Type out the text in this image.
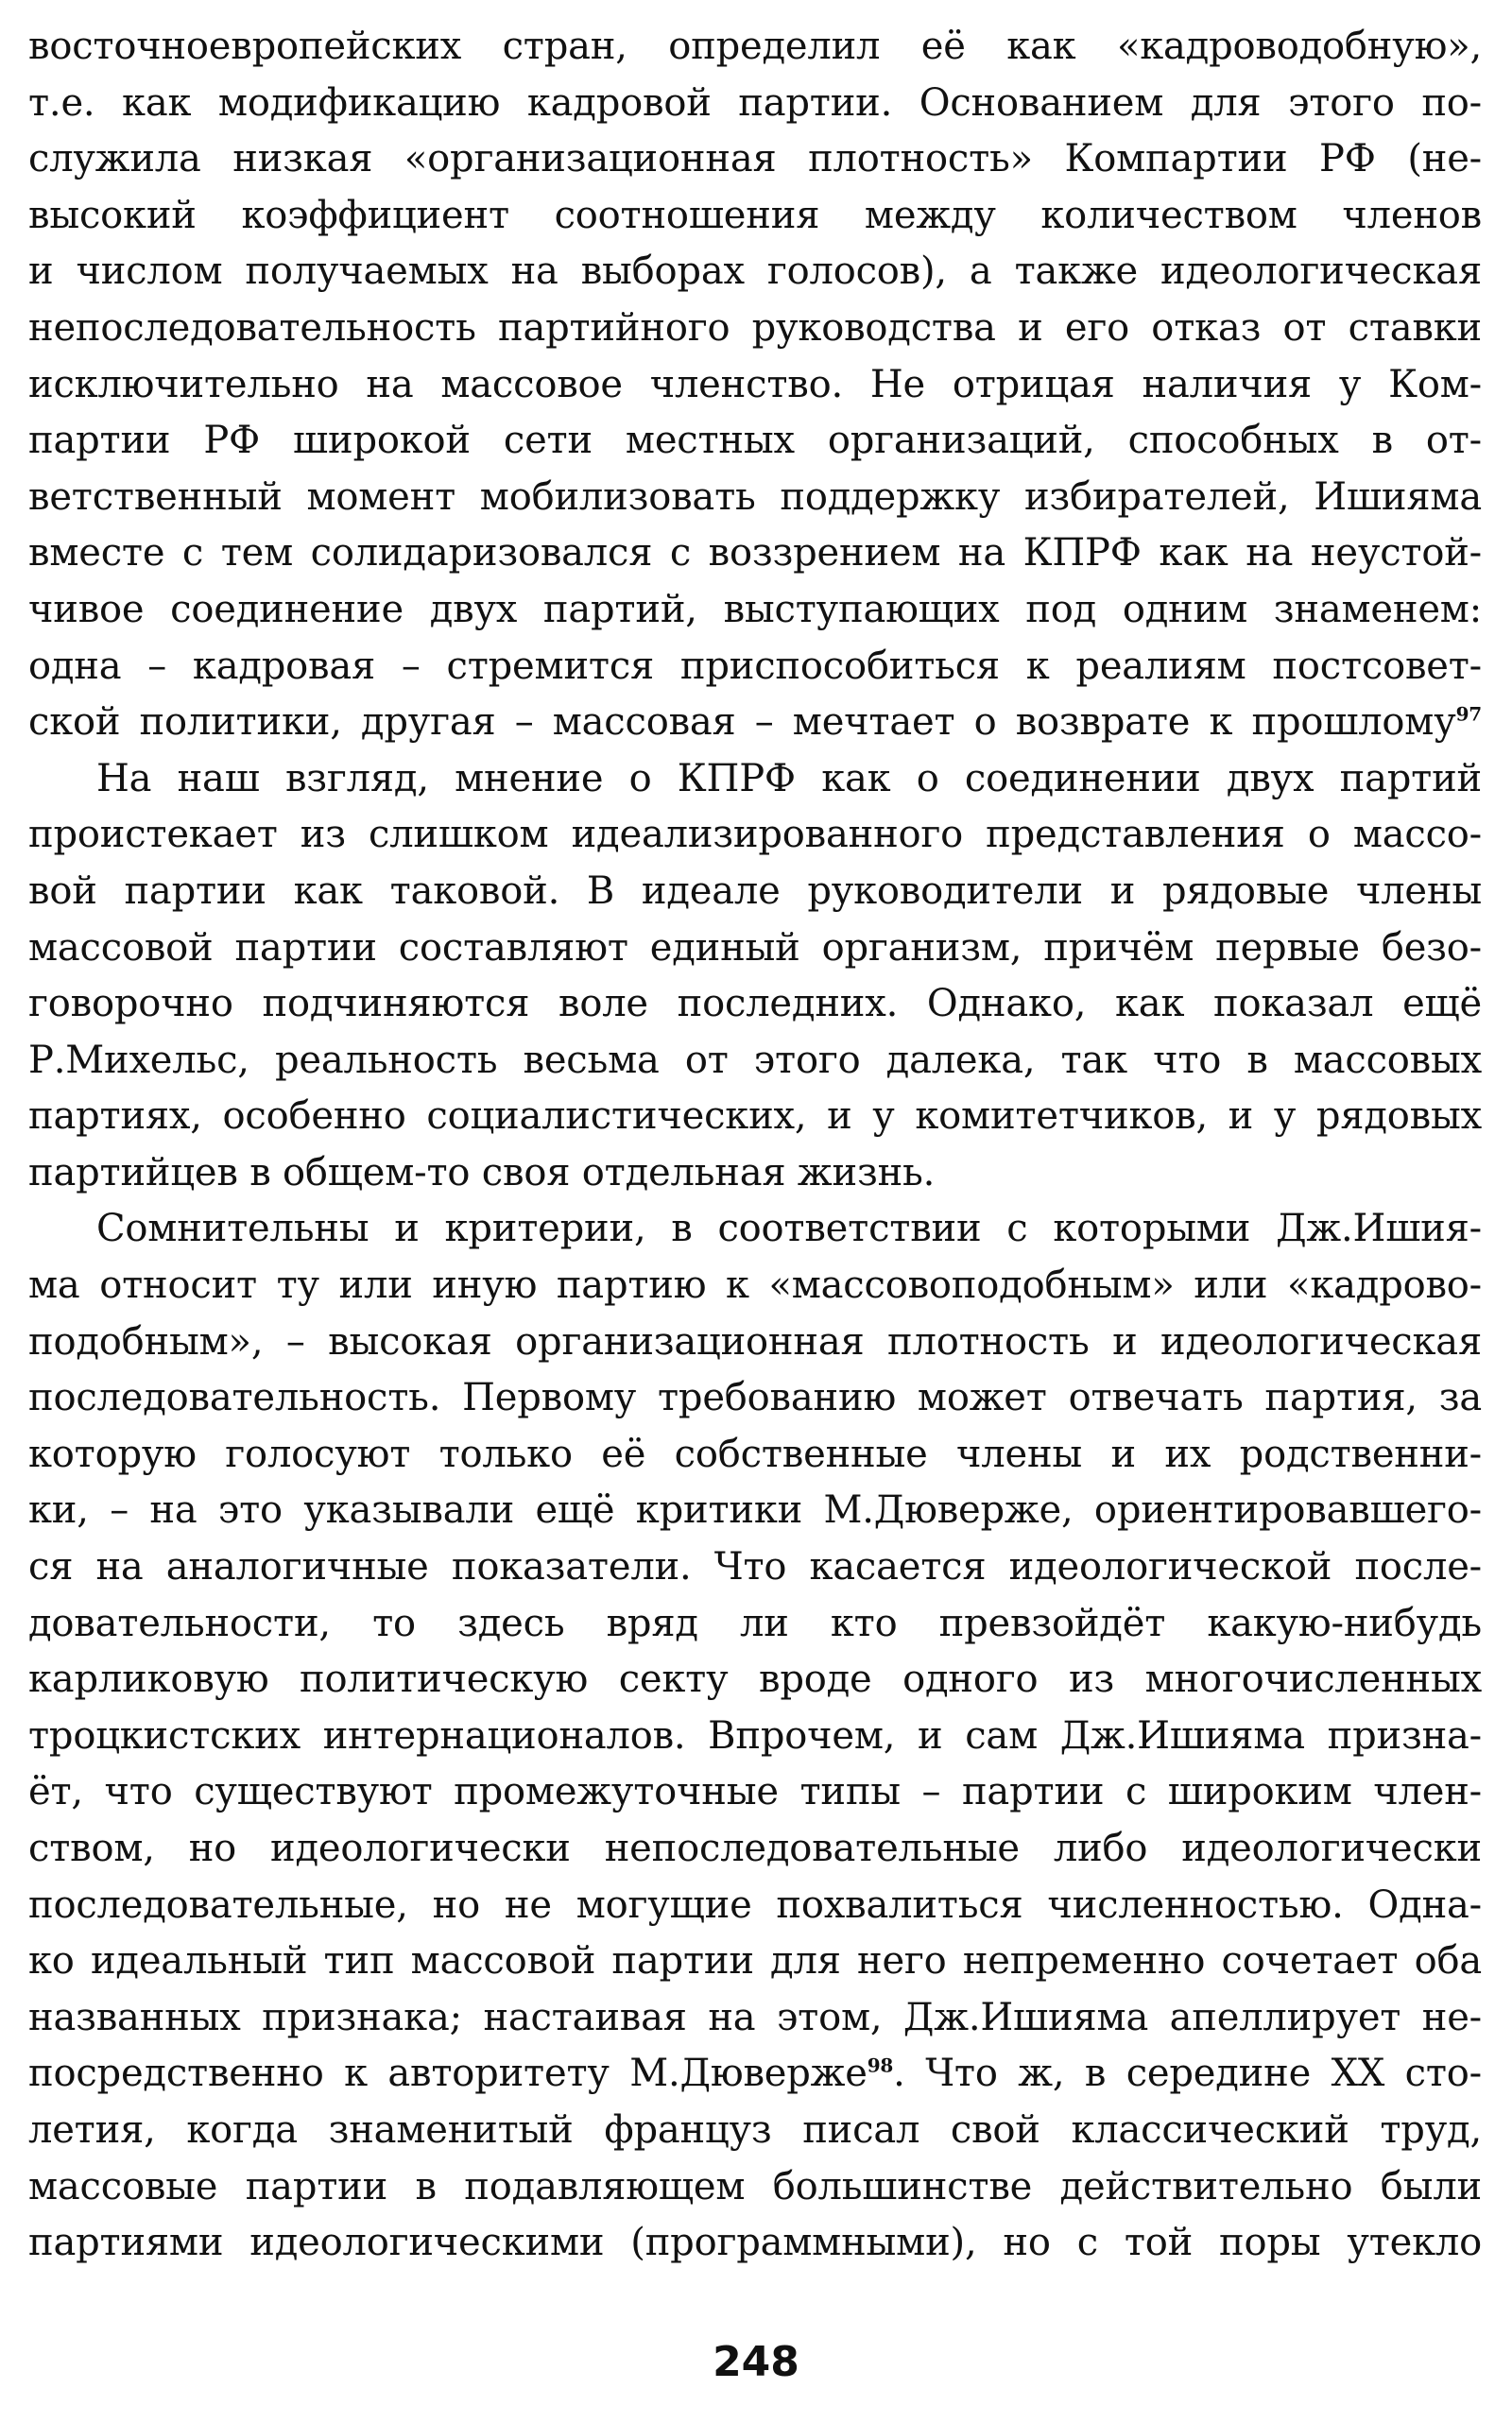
восточноевропейских стран, определил её как «кадроводобную»,
т.е. как модификацию кадровой партии. Основанием для этого по-
служила низкая «организационная плотность» Компартии РФ (не-
высокий коэффициент соотношения между количеством членов
и числом получаемых на выборах голосов), а также идеологическая
непоследовательность партийного руководства и его отказ от ставки
исключительно на массовое членство. Не отрицая наличия у Ком-
партии РФ широкой сети местных организаций, способных в от-
ветственный момент мобилизовать поддержку избирателей, Ишияма
вместе с тем солидаризовался с воззрением на КПРФ как на неустой-
чивое соединение двух партий, выступающих под одним знаменем:
одна – кадровая – стремится приспособиться к реалиям постсовет-
ской политики, другая – массовая – мечтает о возврате к прошлому$^{97}$
На наш взгляд, мнение о КПРФ как о соединении двух партий
проистекает из слишком идеализированного представления о массо-
вой партии как таковой. В идеале руководители и рядовые члены
массовой партии составляют единый организм, причём первые безо-
говорочно подчиняются воле последних. Однако, как показал ещё
Р.Михельс, реальность весьма от этого далека, так что в массовых
партиях, особенно социалистических, и у комитетчиков, и у рядовых
партийцев в общем-то своя отдельная жизнь.
Сомнительны и критерии, в соответствии с которыми Дж.Ишия-
ма относит ту или иную партию к «массовоподобным» или «кадрово-
подобным», – высокая организационная плотность и идеологическая
последовательность. Первому требованию может отвечать партия, за
которую голосуют только её собственные члены и их родственни-
ки, – на это указывали ещё критики М.Дюверже, ориентировавшего-
ся на аналогичные показатели. Что касается идеологической после-
довательности, то здесь вряд ли кто превзойдёт какую-нибудь
карликовую политическую секту вроде одного из многочисленных
троцкистских интернационалов. Впрочем, и сам Дж.Ишияма призна-
ёт, что существуют промежуточные типы – партии с широким член-
ством, но идеологически непоследовательные либо идеологически
последовательные, но не могущие похвалиться численностью. Одна-
ко идеальный тип массовой партии для него непременно сочетает оба
названных признака; настаивая на этом, Дж.Ишияма апеллирует не-
посредственно к авторитету М.Дюверже$^{98}$. Что ж, в середине XX сто-
летия, когда знаменитый француз писал свой классический труд,
массовые партии в подавляющем большинстве действительно были
партиями идеологическими (программными), но с той поры утекло
248
